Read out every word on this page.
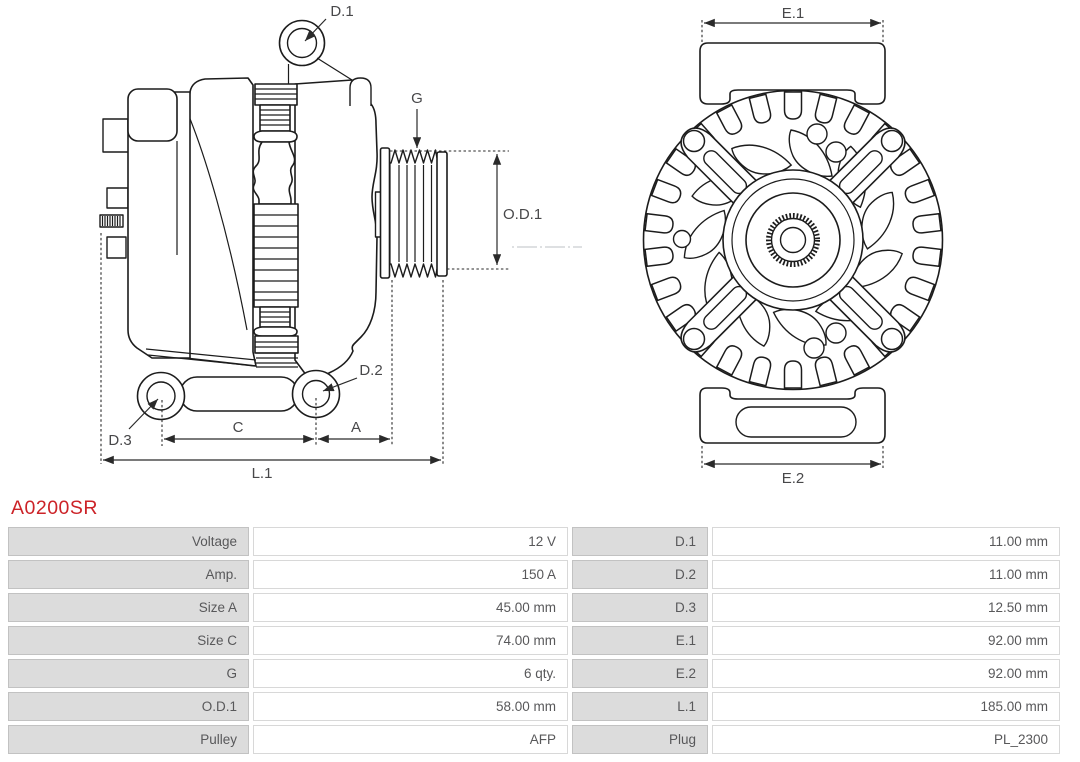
D.1
G
O.D.1
D.2
D.3
C	A
L.1
E.1
E.2
A0200SR
Voltage	12 V	D.1	11.00 mm
Amp.	150 A	D.2	11.00 mm
Size A	45.00 mm	D.3	12.50 mm
Size C	74.00 mm	E.1	92.00 mm
G	6 qty.	E.2	92.00 mm
O.D.1	58.00 mm	L.1	185.00 mm
Pulley	AFP	Plug	PL_2300
